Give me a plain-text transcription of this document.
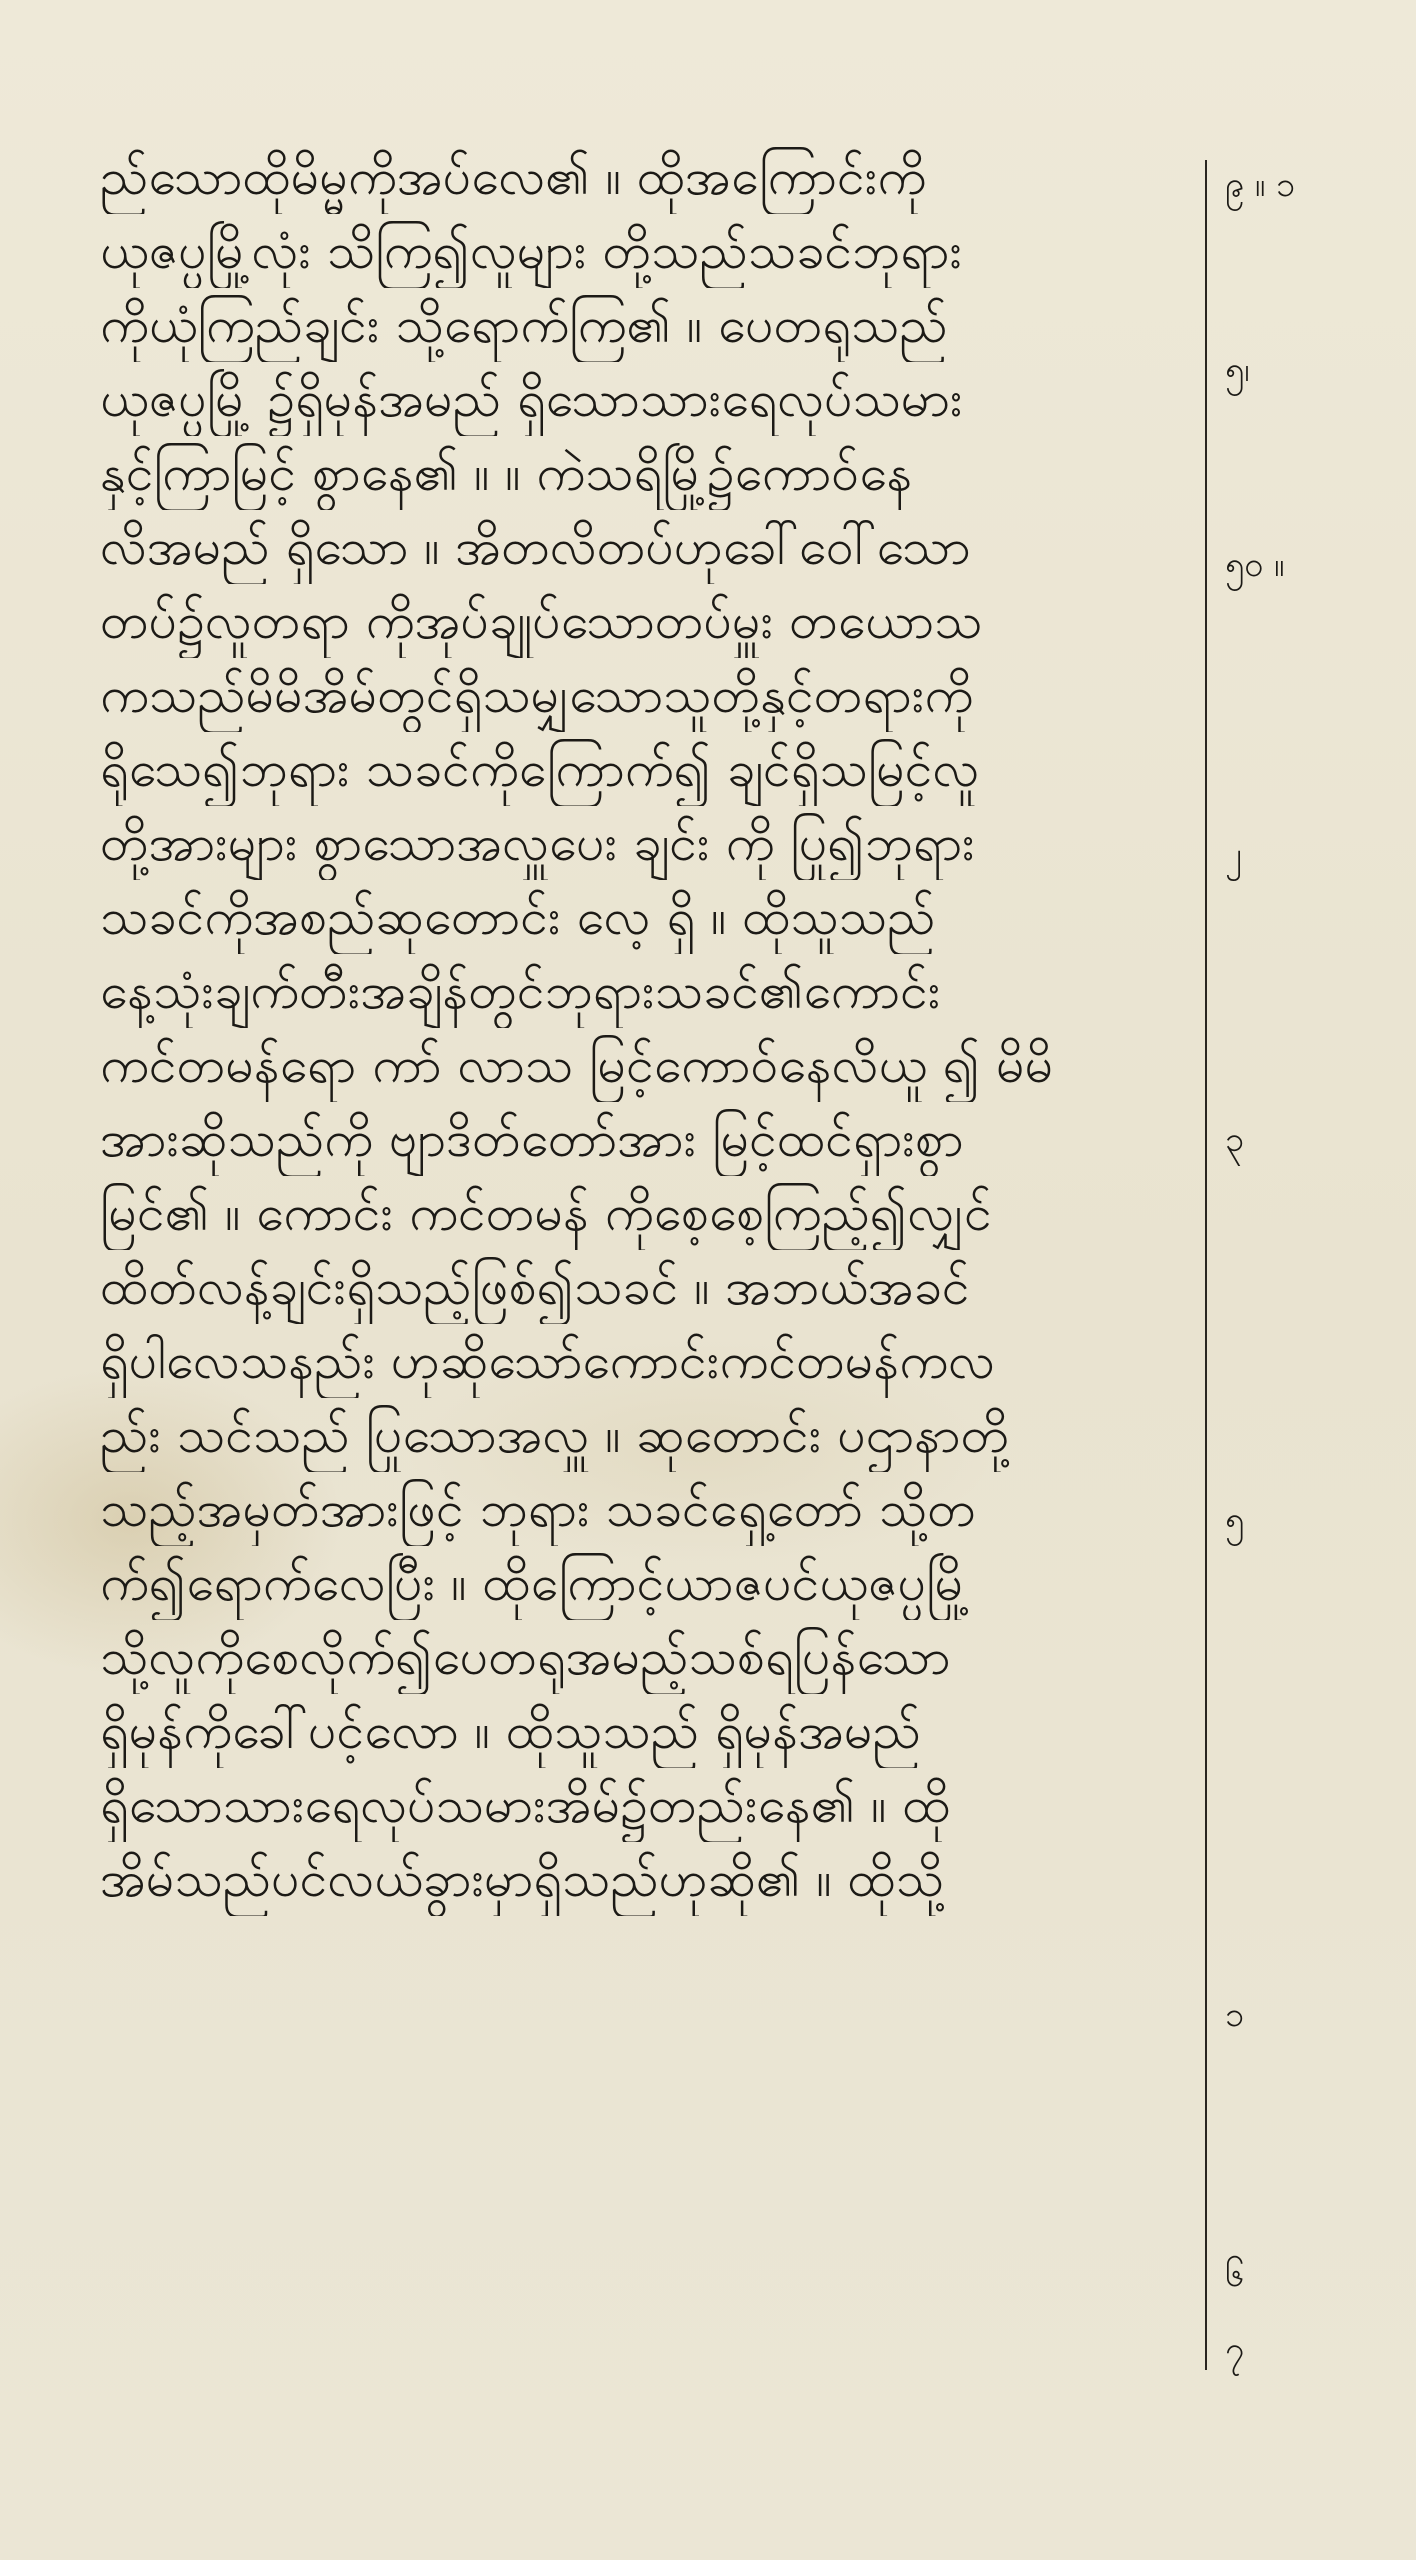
ည်သောထိုမိမ္မကိုအပ်လေ၏ ။ ထိုအကြောင်းကို
ယုဇပ္ပမြို့လုံး သိကြ၍လူများ တို့သည်သခင်ဘုရား
ကိုယုံကြည်ချင်း သို့ရောက်ကြ၏ ။ ပေတရုသည်
ယုဇပ္ပမြို့ ၌ရှိမုန်အမည် ရှိသောသားရေလုပ်သမား
နှင့်ကြာမြင့် စွာနေ၏ ။ ။ ကဲသရိမြို့၌ကောဝ်နေ
လိအမည် ရှိသော ။ အိတလိတပ်ဟုခေါ်ဝေါ်သော
တပ်၌လူတရာ ကိုအုပ်ချုပ်သောတပ်မှူး တယောသ
ကသည်မိမိအိမ်တွင်ရှိသမျှသောသူတို့နှင့်တရားကို
ရိုသေ၍ဘုရား သခင်ကိုကြောက်၍ ချင်ရှိသမြင့်လူ
တို့အားများ စွာသောအလှူပေး ချင်း ကို ပြု၍ဘုရား
သခင်ကိုအစည်ဆုတောင်း လေ့ ရှိ ။ ထိုသူသည်
နေ့သုံးချက်တီးအချိန်တွင်ဘုရားသခင်၏ကောင်း
ကင်တမန်ရော ကာ် လာသ မြင့်ကောဝ်နေလိယူ ၍ မိမိ
အားဆိုသည်ကို ဗျာဒိတ်တော်အား မြင့်ထင်ရှားစွာ
မြင်၏ ။ ကောင်း ကင်တမန် ကိုစေ့စေ့ကြည့်၍လျှင်
ထိတ်လန့်ချင်းရှိသည့်ဖြစ်၍သခင် ။ အဘယ်အခင်
ရှိပါလေသနည်း ဟုဆိုသော်ကောင်းကင်တမန်ကလ
ည်း သင်သည် ပြုသောအလှူ ။ ဆုတောင်း ပဌာနာတို့
သည့်အမှတ်အားဖြင့် ဘုရား သခင်ရှေ့တော် သို့တ
က်၍ရောက်လေပြီး ။ ထိုကြောင့်ယာဇပင်ယုဇပ္ပမြို့
သို့လူကိုစေလိုက်၍ပေတရုအမည့်သစ်ရပြန်သော
ရှိမုန်ကိုခေါ်ပင့်လော ။ ထိုသူသည် ရှိမုန်အမည်
ရှိသောသားရေလုပ်သမားအိမ်၌တည်းနေ၏ ။ ထို
အိမ်သည်ပင်လယ်ခွားမှာရှိသည်ဟုဆို၏ ။ ထိုသို့
၉ ။ ၁
၅၊
၅၀ ။
၂
၃
၅
၁
၆
၇
